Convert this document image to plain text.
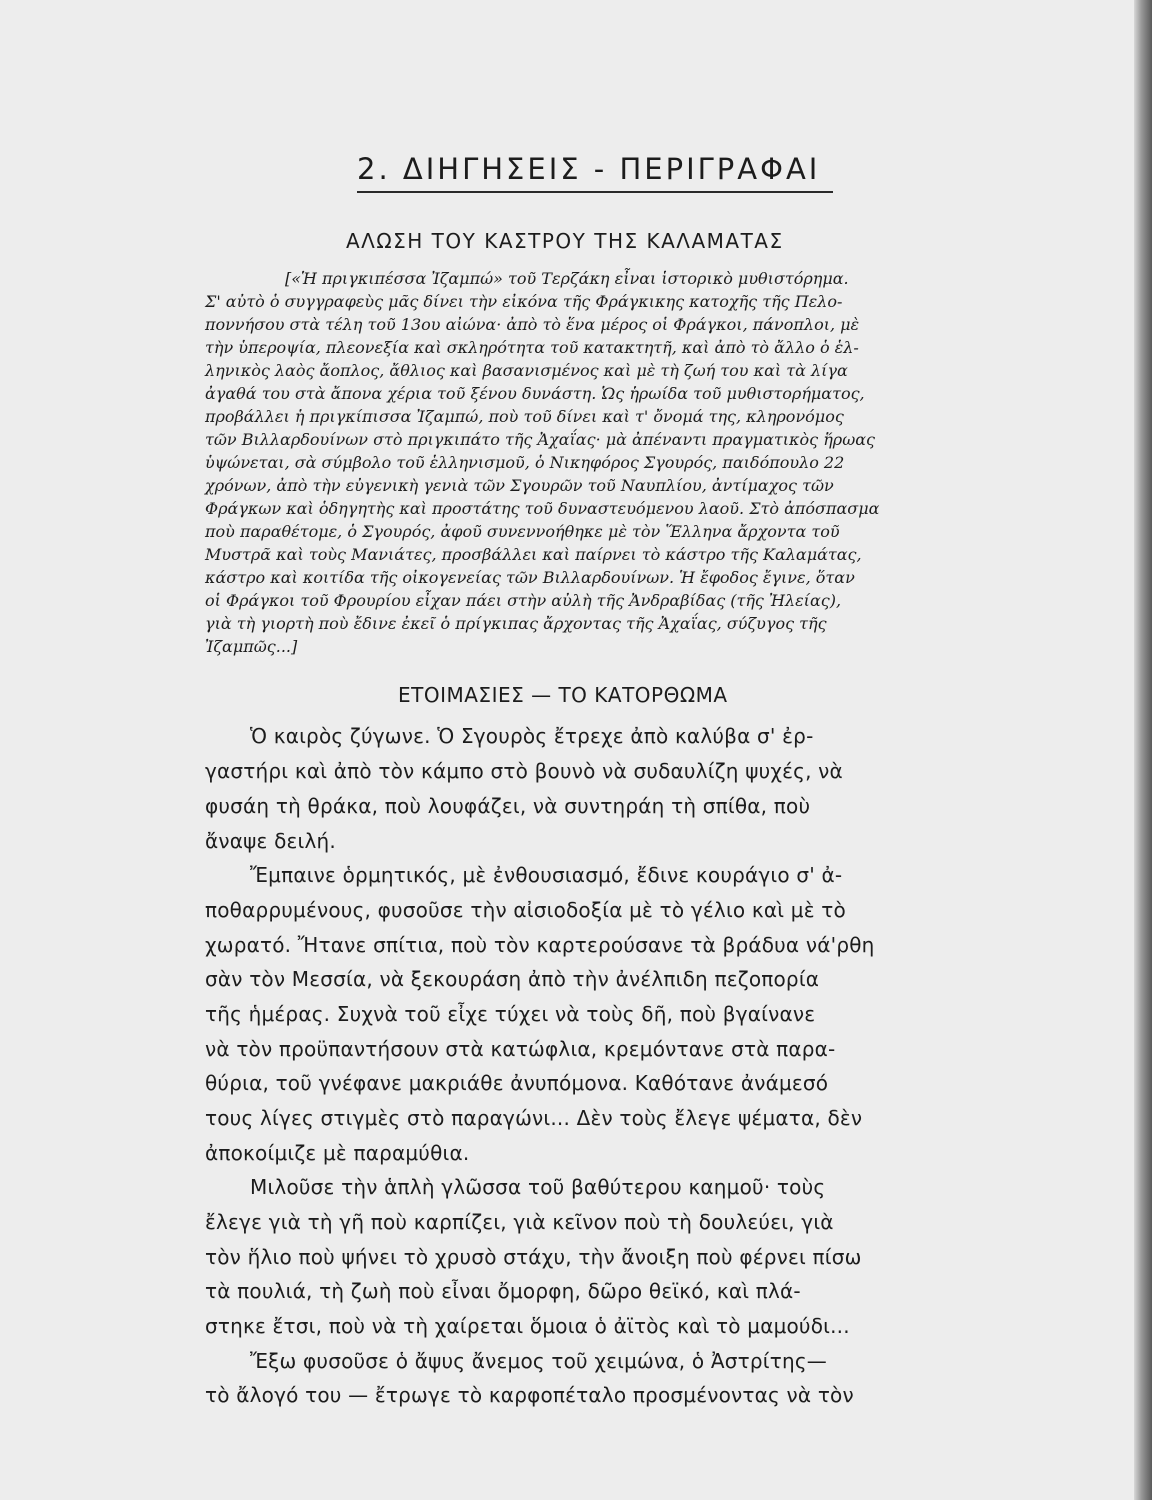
2. ΔΙΗΓΗΣΕΙΣ - ΠΕΡΙΓΡΑΦΑΙ
ΑΛΩΣΗ ΤΟΥ ΚΑΣΤΡΟΥ ΤΗΣ ΚΑΛΑΜΑΤΑΣ

[«Ἡ πριγκιπέσσα Ἰζαμπώ» τοῦ Τερζάκη εἶναι ἱστορικὸ μυθιστόρημα.

Σ' αὐτὸ ὁ συγγραφεὺς μᾶς δίνει τὴν εἰκόνα τῆς Φράγκικης κατοχῆς τῆς Πελο-

ποννήσου στὰ τέλη τοῦ 13ου αἰώνα· ἀπὸ τὸ ἕνα μέρος οἱ Φράγκοι, πάνοπλοι, μὲ

τὴν ὑπεροψία, πλεονεξία καὶ σκληρότητα τοῦ κατακτητῆ, καὶ ἀπὸ τὸ ἄλλο ὁ ἑλ-

ληνικὸς λαὸς ἄοπλος, ἄθλιος καὶ βασανισμένος καὶ μὲ τὴ ζωή του καὶ τὰ λίγα

ἀγαθά του στὰ ἄπονα χέρια τοῦ ξένου δυνάστη. Ὡς ἡρωίδα τοῦ μυθιστορήματος,

προβάλλει ἡ πριγκίπισσα Ἰζαμπώ, ποὺ τοῦ δίνει καὶ τ' ὄνομά της, κληρονόμος

τῶν Βιλλαρδουίνων στὸ πριγκιπάτο τῆς Ἀχαΐας· μὰ ἀπέναντι πραγματικὸς ἥρωας

ὑψώνεται, σὰ σύμβολο τοῦ ἑλληνισμοῦ, ὁ Νικηφόρος Σγουρός, παιδόπουλο 22

χρόνων, ἀπὸ τὴν εὐγενικὴ γενιὰ τῶν Σγουρῶν τοῦ Ναυπλίου, ἀντίμαχος τῶν

Φράγκων καὶ ὁδηγητὴς καὶ προστάτης τοῦ δυναστευόμενου λαοῦ. Στὸ ἀπόσπασμα

ποὺ παραθέτομε, ὁ Σγουρός, ἀφοῦ συνεννοήθηκε μὲ τὸν Ἕλληνα ἄρχοντα τοῦ

Μυστρᾶ καὶ τοὺς Μανιάτες, προσβάλλει καὶ παίρνει τὸ κάστρο τῆς Καλαμάτας,

κάστρο καὶ κοιτίδα τῆς οἰκογενείας τῶν Βιλλαρδουίνων. Ἡ ἔφοδος ἔγινε, ὅταν

οἱ Φράγκοι τοῦ Φρουρίου εἶχαν πάει στὴν αὐλὴ τῆς Ἀνδραβίδας (τῆς Ἠλείας),

γιὰ τὴ γιορτὴ ποὺ ἔδινε ἐκεῖ ὁ πρίγκιπας ἄρχοντας τῆς Ἀχαΐας, σύζυγος τῆς

Ἰζαμπῶς...]

ΕΤΟΙΜΑΣΙΕΣ — ΤΟ ΚΑΤΟΡΘΩΜΑ

Ὁ καιρὸς ζύγωνε. Ὁ Σγουρὸς ἔτρεχε ἀπὸ καλύβα σ' ἐρ-

γαστήρι καὶ ἀπὸ τὸν κάμπο στὸ βουνὸ νὰ συδαυλίζη ψυχές, νὰ

φυσάη τὴ θράκα, ποὺ λουφάζει, νὰ συντηράη τὴ σπίθα, ποὺ

ἄναψε δειλή.

Ἔμπαινε ὁρμητικός, μὲ ἐνθουσιασμό, ἔδινε κουράγιο σ' ἀ-

ποθαρρυμένους, φυσοῦσε τὴν αἰσιοδοξία μὲ τὸ γέλιο καὶ μὲ τὸ

χωρατό. Ἤτανε σπίτια, ποὺ τὸν καρτερούσανε τὰ βράδυα νά'ρθη

σὰν τὸν Μεσσία, νὰ ξεκουράση ἀπὸ τὴν ἀνέλπιδη πεζοπορία

τῆς ἡμέρας. Συχνὰ τοῦ εἶχε τύχει νὰ τοὺς δῆ, ποὺ βγαίνανε

νὰ τὸν προϋπαντήσουν στὰ κατώφλια, κρεμόντανε στὰ παρα-

θύρια, τοῦ γνέφανε μακριάθε ἀνυπόμονα. Καθότανε ἀνάμεσό

τους λίγες στιγμὲς στὸ παραγώνι... Δὲν τοὺς ἔλεγε ψέματα, δὲν

ἀποκοίμιζε μὲ παραμύθια.

Μιλοῦσε τὴν ἁπλὴ γλῶσσα τοῦ βαθύτερου καημοῦ· τοὺς

ἔλεγε γιὰ τὴ γῆ ποὺ καρπίζει, γιὰ κεῖνον ποὺ τὴ δουλεύει, γιὰ

τὸν ἥλιο ποὺ ψήνει τὸ χρυσὸ στάχυ, τὴν ἄνοιξη ποὺ φέρνει πίσω

τὰ πουλιά, τὴ ζωὴ ποὺ εἶναι ὄμορφη, δῶρο θεϊκό, καὶ πλά-

στηκε ἔτσι, ποὺ νὰ τὴ χαίρεται ὅμοια ὁ ἀϊτὸς καὶ τὸ μαμούδι...

Ἔξω φυσοῦσε ὁ ἄψυς ἄνεμος τοῦ χειμώνα, ὁ Ἀστρίτης—

τὸ ἄλογό του — ἔτρωγε τὸ καρφοπέταλο προσμένοντας νὰ τὸν
